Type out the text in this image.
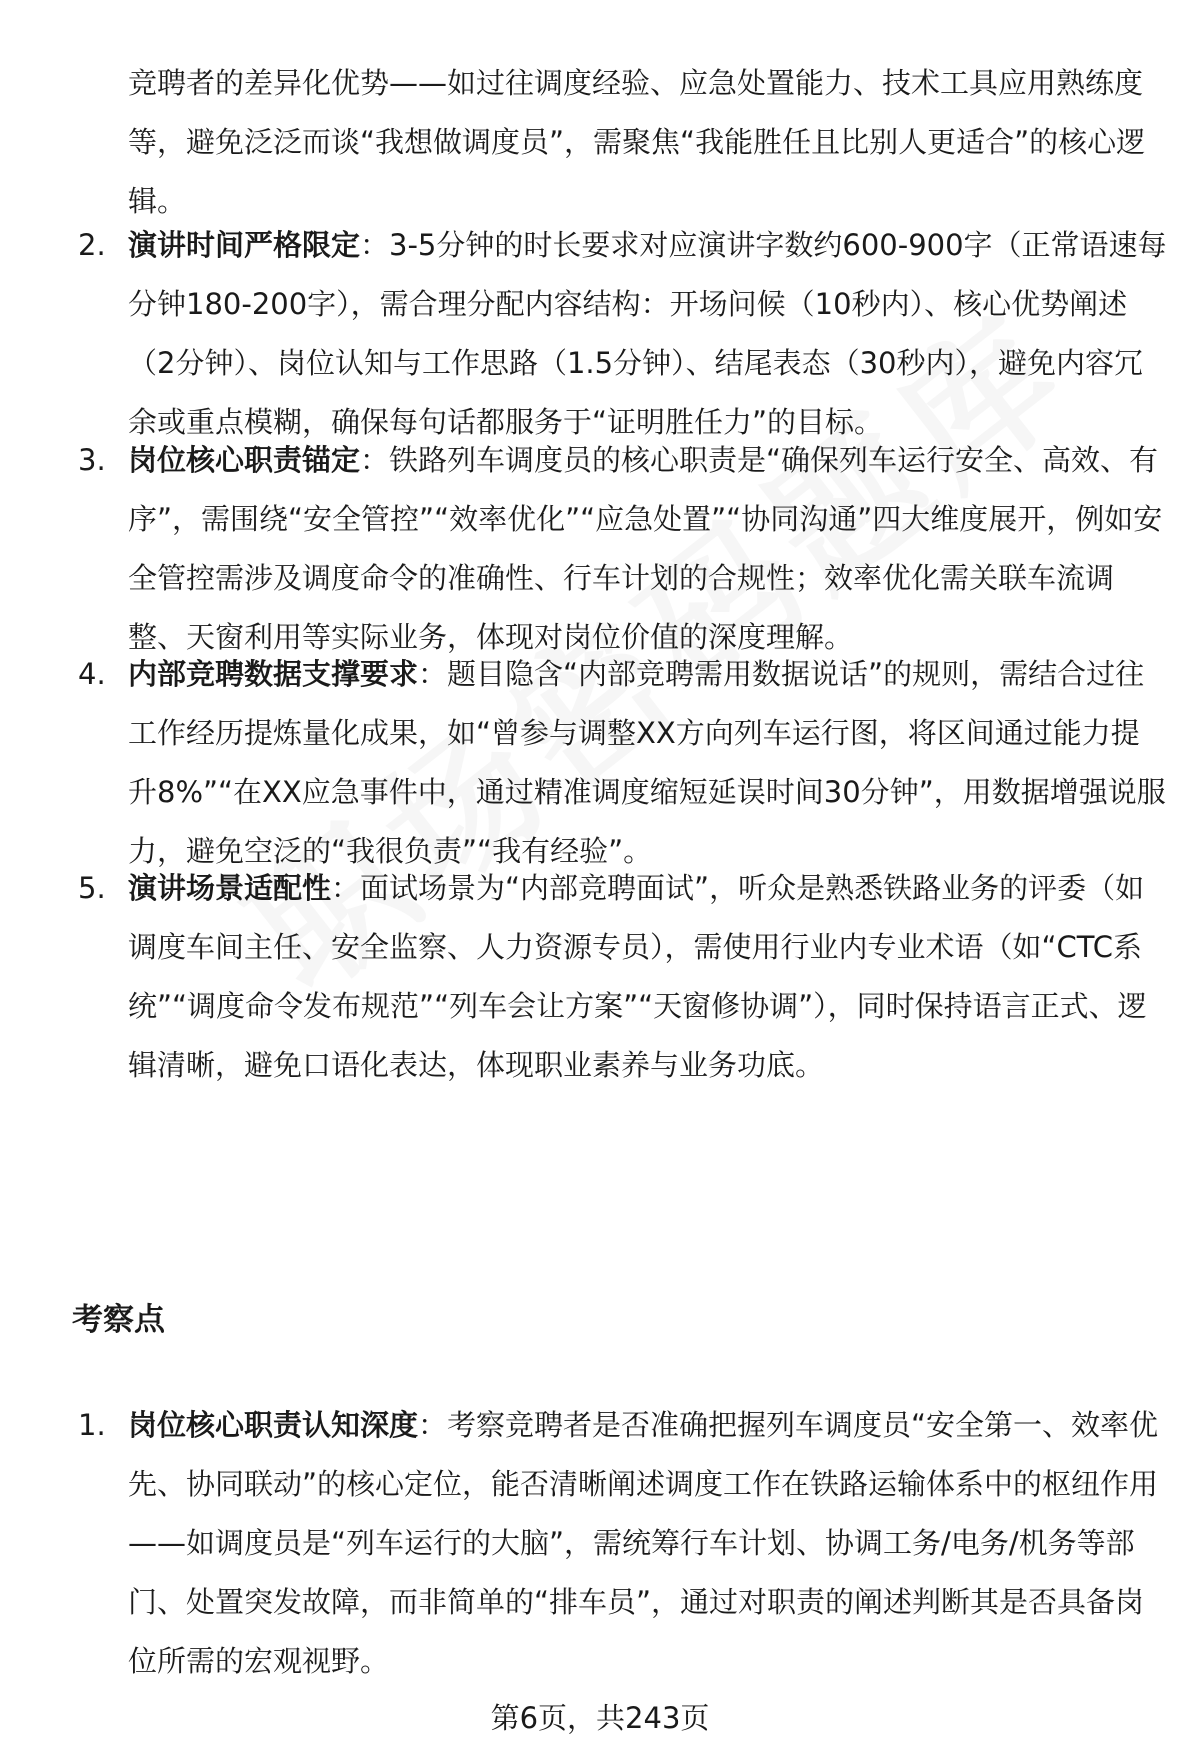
竞聘者的差异化优势——如过往调度经验、应急处置能力、技术工具应用熟练度等，避免泛泛而谈“我想做调度员”，需聚焦“我能胜任且比别人更适合”的核心逻辑。
2. 演讲时间严格限定：3-5分钟的时长要求对应演讲字数约600-900字（正常语速每分钟180-200字），需合理分配内容结构：开场问候（10秒内）、核心优势阐述（2分钟）、岗位认知与工作思路（1.5分钟）、结尾表态（30秒内），避免内容冗余或重点模糊，确保每句话都服务于“证明胜任力”的目标。
3. 岗位核心职责锚定：铁路列车调度员的核心职责是“确保列车运行安全、高效、有序”，需围绕“安全管控”“效率优化”“应急处置”“协同沟通”四大维度展开，例如安全管控需涉及调度命令的准确性、行车计划的合规性；效率优化需关联车流调整、天窗利用等实际业务，体现对岗位价值的深度理解。
4. 内部竞聘数据支撑要求：题目隐含“内部竞聘需用数据说话”的规则，需结合过往工作经历提炼量化成果，如“曾参与调整XX方向列车运行图，将区间通过能力提升8%”“在XX应急事件中，通过精准调度缩短延误时间30分钟”，用数据增强说服力，避免空泛的“我很负责”“我有经验”。
5. 演讲场景适配性：面试场景为“内部竞聘面试”，听众是熟悉铁路业务的评委（如调度车间主任、安全监察、人力资源专员），需使用行业内专业术语（如“CTC系统”“调度命令发布规范”“列车会让方案”“天窗修协调”），同时保持语言正式、逻辑清晰，避免口语化表达，体现职业素养与业务功底。
考察点
1. 岗位核心职责认知深度：考察竞聘者是否准确把握列车调度员“安全第一、效率优先、协同联动”的核心定位，能否清晰阐述调度工作在铁路运输体系中的枢纽作用——如调度员是“列车运行的大脑”，需统筹行车计划、协调工务/电务/机务等部门、处置突发故障，而非简单的“排车员”，通过对职责的阐述判断其是否具备岗位所需的宏观视野。
第6页，共243页
